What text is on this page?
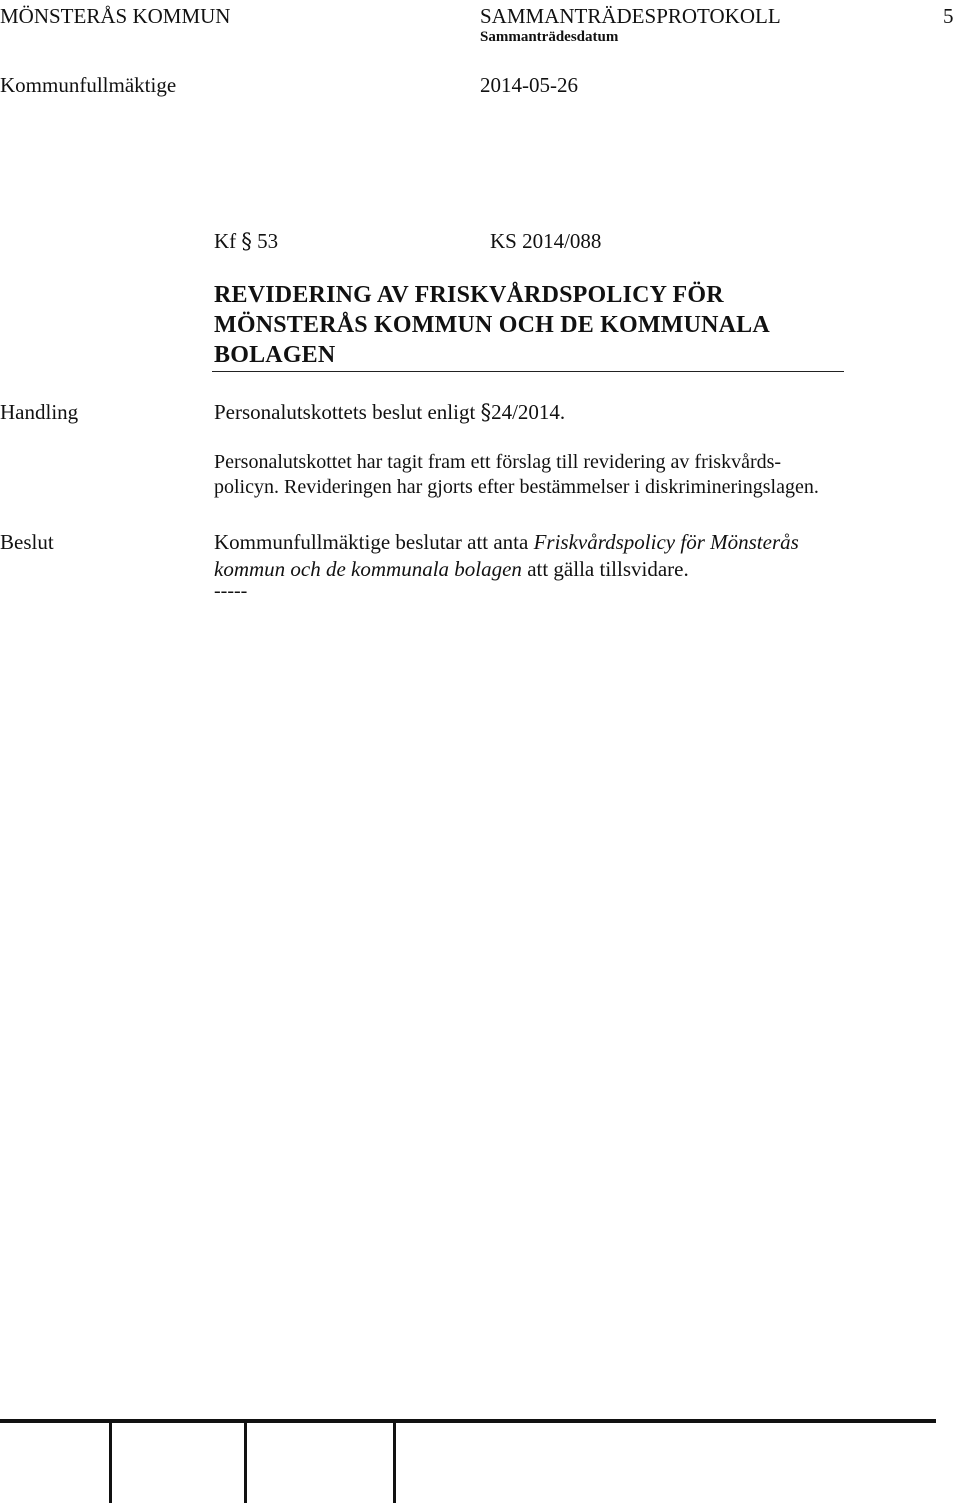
MÖNSTERÅS KOMMUN	SAMMANTRÄDESPROTOKOLL	5
Sammanträdesdatum
Kommunfullmäktige	2014-05-26
Kf § 53	KS 2014/088
REVIDERING AV FRISKVÅRDSPOLICY FÖR
MÖNSTERÅS KOMMUN OCH DE KOMMUNALA
BOLAGEN
Handling	Personalutskottets beslut enligt §24/2014.
Personalutskottet har tagit fram ett förslag till revidering av friskvårds-
policyn. Revideringen har gjorts efter bestämmelser i diskrimineringslagen.
Beslut	Kommunfullmäktige beslutar att anta Friskvårdspolicy för Mönsterås
kommun och de kommunala bolagen att gälla tillsvidare.
-----
